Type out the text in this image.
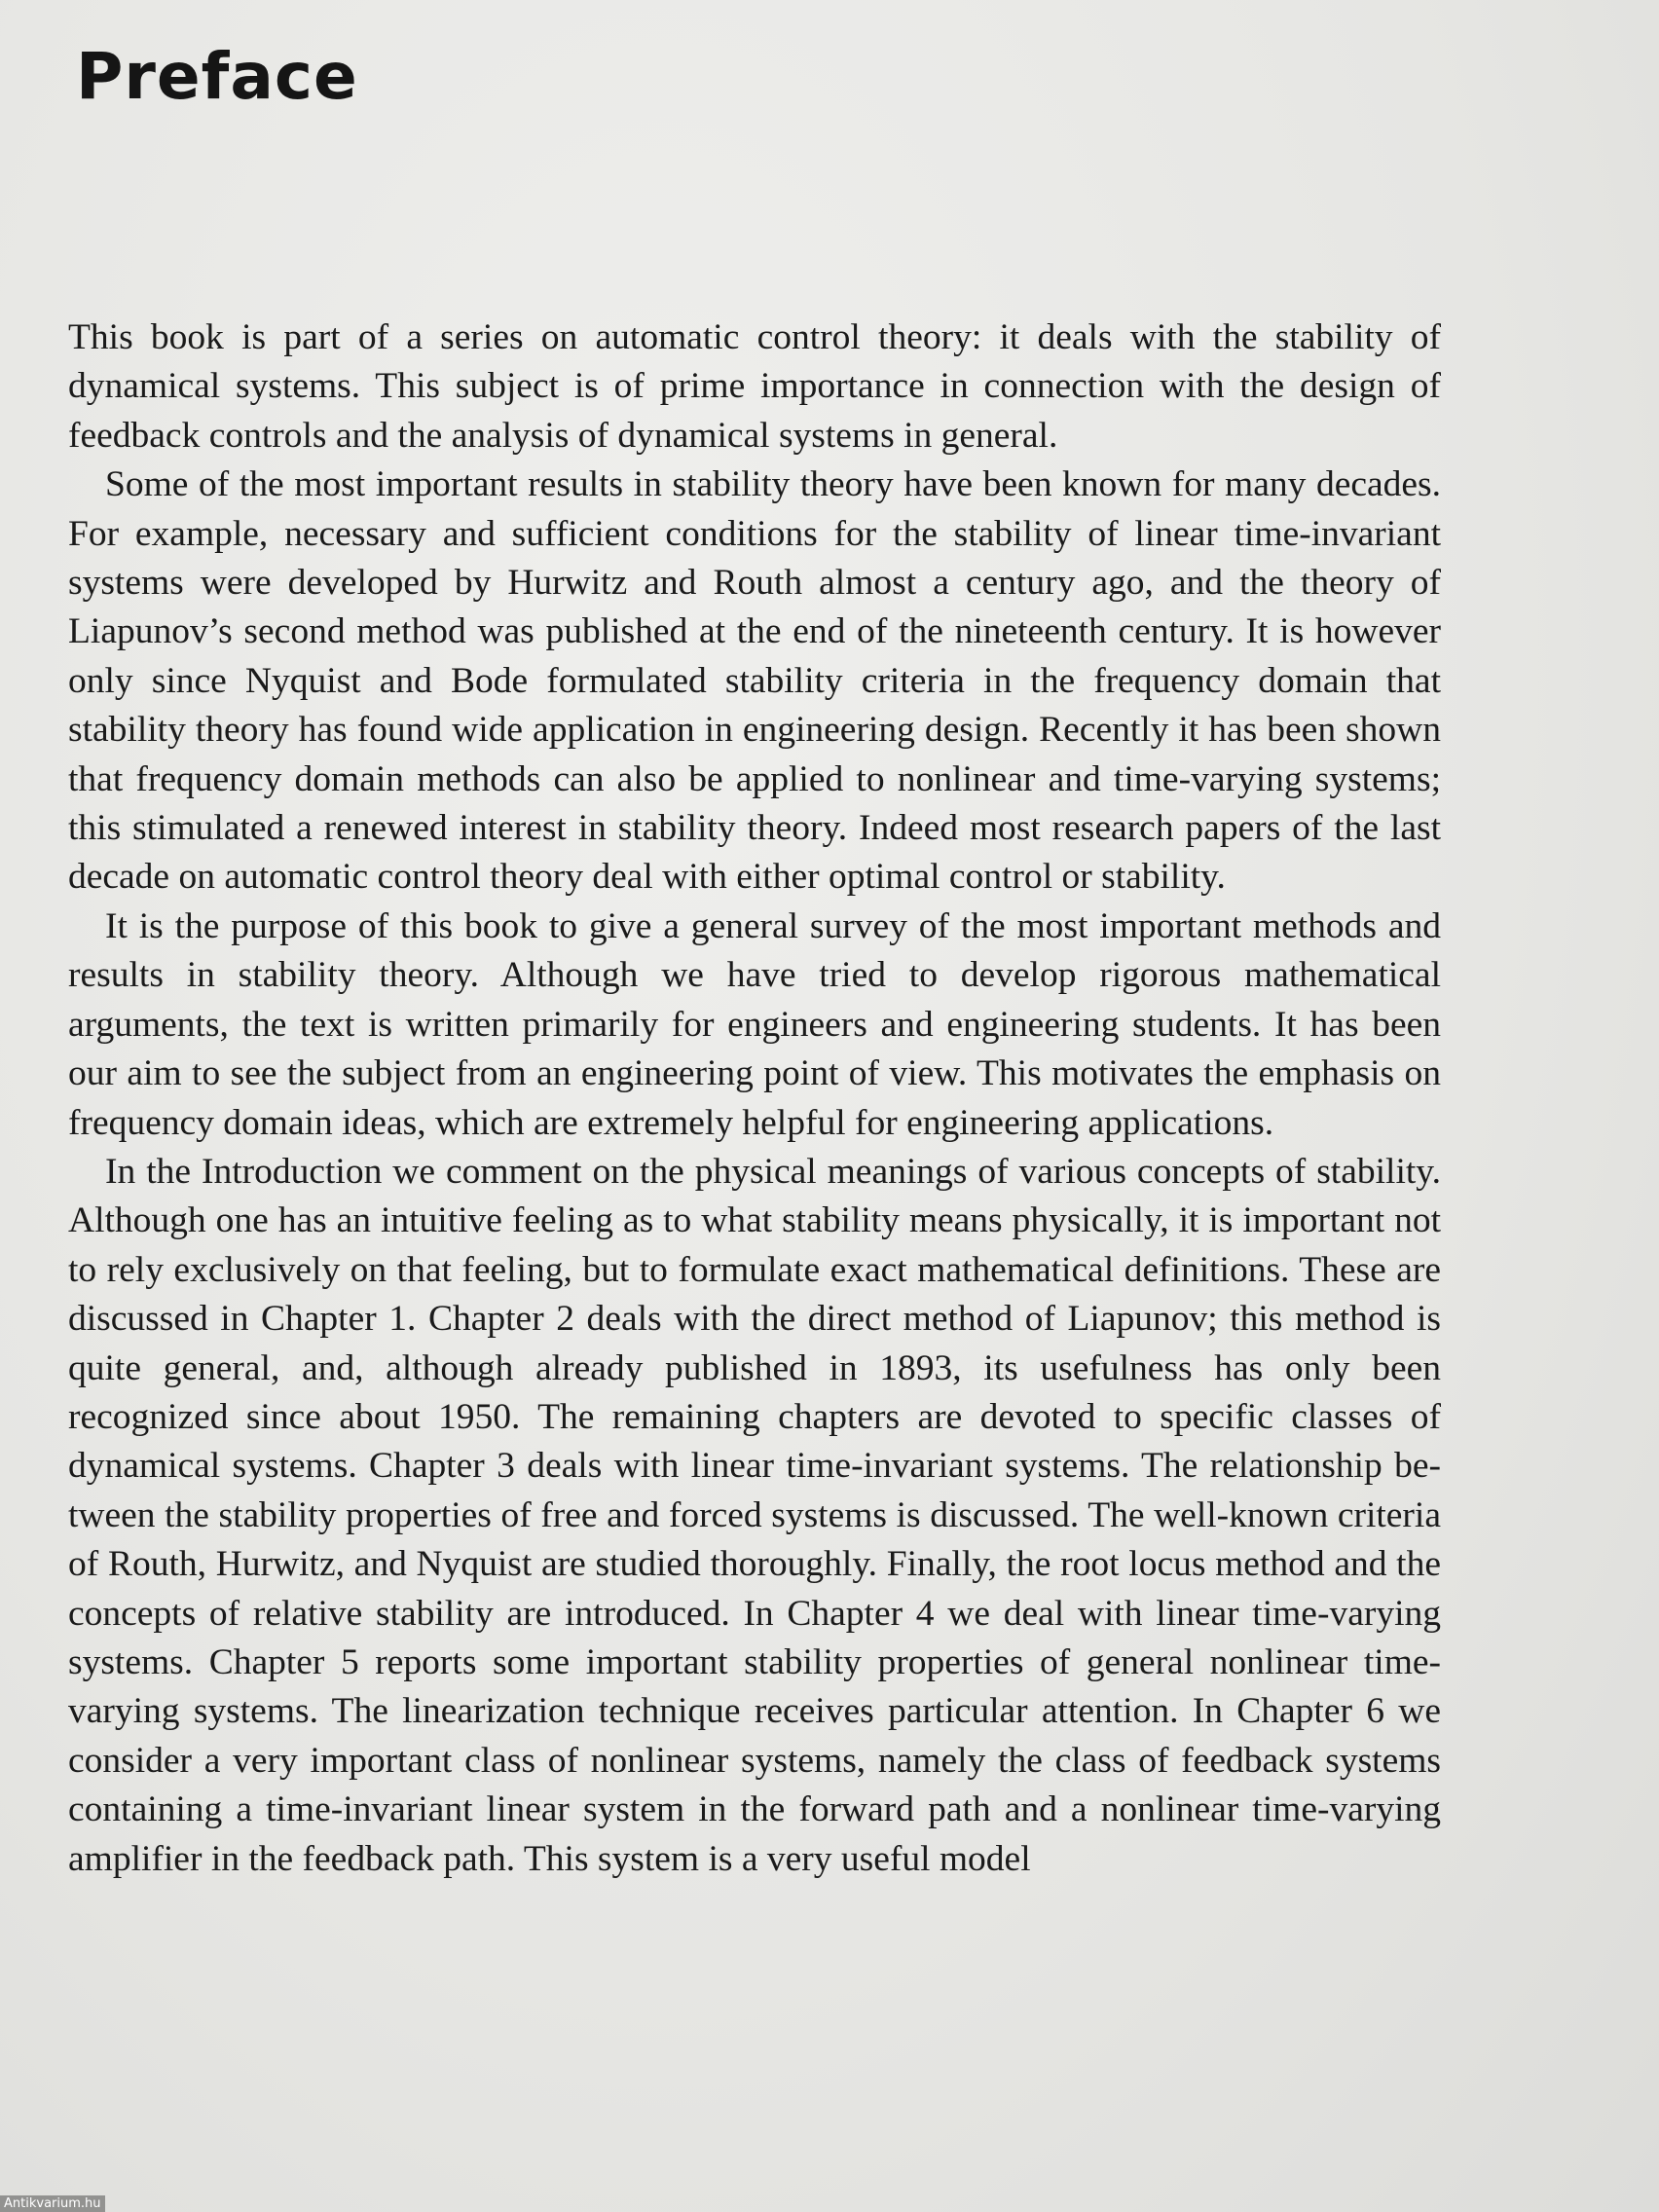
Preface

This book is part of a series on automatic control theory: it deals with the stability of dynamical systems. This subject is of prime importance in connection with the design of feedback controls and the analysis of dynamical systems in general.

Some of the most important results in stability theory have been known for many decades. For example, necessary and sufficient conditions for the stability of linear time-invariant systems were developed by Hurwitz and Routh almost a century ago, and the theory of Liapunov’s second method was published at the end of the nineteenth century. It is however only since Nyquist and Bode formulated stability criteria in the frequency domain that stability theory has found wide application in engineering design. Recently it has been shown that frequency domain methods can also be applied to nonlinear and time-varying systems; this stimulated a renewed interest in stability theory. Indeed most research papers of the last decade on automatic control theory deal with either optimal control or stability.

It is the purpose of this book to give a general survey of the most important methods and results in stability theory. Although we have tried to develop rigorous mathematical arguments, the text is written primarily for engineers and engineering students. It has been our aim to see the subject from an engineering point of view. This motivates the emphasis on frequency domain ideas, which are extremely helpful for engineering applications.

In the Introduction we comment on the physical meanings of various concepts of stability. Although one has an intuitive feeling as to what stability means physically, it is important not to rely exclusively on that feeling, but to formulate exact mathematical definitions. These are discussed in Chapter 1. Chapter 2 deals with the direct method of Liapunov; this method is quite general, and, although already published in 1893, its usefulness has only been recognized since about 1950. The remaining chapters are devoted to specific classes of dynamical systems. Chapter 3 deals with linear time-invariant systems. The relationship between the stability properties of free and forced systems is discussed. The well-known criteria of Routh, Hurwitz, and Nyquist are studied thoroughly. Finally, the root locus method and the concepts of relative stability are introduced. In Chapter 4 we deal with linear time-varying systems. Chapter 5 reports some important stability properties of general nonlinear time-varying systems. The linearization technique receives particular attention. In Chapter 6 we consider a very important class of nonlinear systems, namely the class of feedback systems containing a time-invariant linear system in the forward path and a nonlinear time-varying amplifier in the feedback path. This system is a very useful model

Antikvarium.hu
